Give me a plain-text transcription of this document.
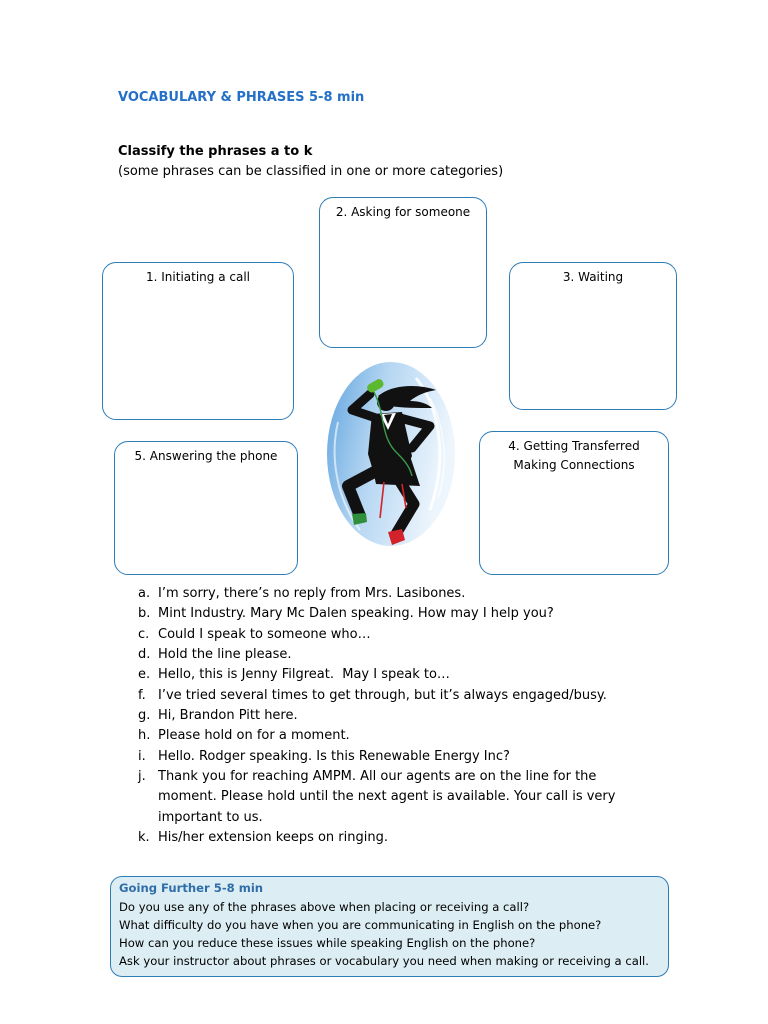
VOCABULARY & PHRASES 5-8 min
Classify the phrases a to k
(some phrases can be classified in one or more categories)
1. Initiating a call
2. Asking for someone
3. Waiting
4. Getting Transferred
Making Connections
5. Answering the phone
a. I’m sorry, there’s no reply from Mrs. Lasibones.
b. Mint Industry. Mary Mc Dalen speaking. How may I help you?
c. Could I speak to someone who…
d. Hold the line please.
e. Hello, this is Jenny Filgreat.  May I speak to…
f. I’ve tried several times to get through, but it’s always engaged/busy.
g. Hi, Brandon Pitt here.
h. Please hold on for a moment.
i. Hello. Rodger speaking. Is this Renewable Energy Inc?
j. Thank you for reaching AMPM. All our agents are on the line for the moment. Please hold until the next agent is available. Your call is very important to us.
k. His/her extension keeps on ringing.
Going Further 5-8 min
Do you use any of the phrases above when placing or receiving a call?
What difficulty do you have when you are communicating in English on the phone?
How can you reduce these issues while speaking English on the phone?
Ask your instructor about phrases or vocabulary you need when making or receiving a call.
